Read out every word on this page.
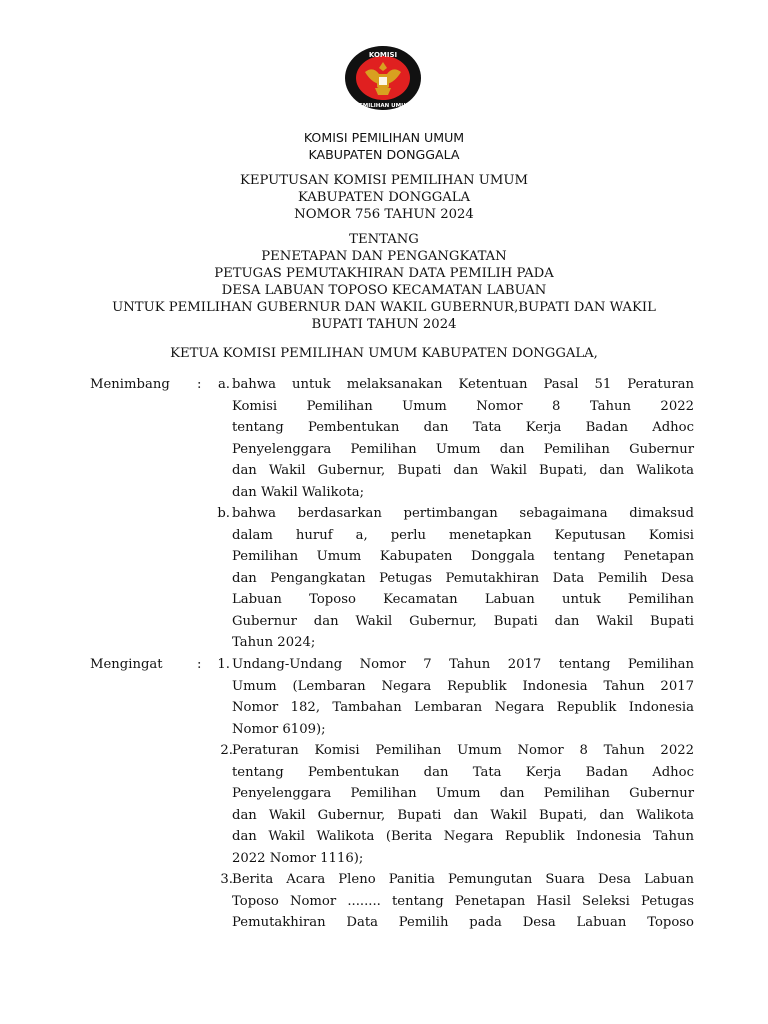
KOMISI
PEMILIHAN UMUM
KOMISI PEMILIHAN UMUM
KABUPATEN DONGGALA
KEPUTUSAN KOMISI PEMILIHAN UMUM
KABUPATEN DONGGALA
NOMOR 756 TAHUN 2024
TENTANG
PENETAPAN DAN PENGANGKATAN
PETUGAS PEMUTAKHIRAN DATA PEMILIH PADA
DESA LABUAN TOPOSO KECAMATAN LABUAN
UNTUK PEMILIHAN GUBERNUR DAN WAKIL GUBERNUR,BUPATI DAN WAKIL
BUPATI TAHUN 2024
KETUA KOMISI PEMILIHAN UMUM KABUPATEN DONGGALA,
Menimbang :	a. bahwa untuk melaksanakan Ketentuan Pasal 51 Peraturan
Komisi Pemilihan Umum Nomor 8 Tahun 2022
tentang Pembentukan dan Tata Kerja Badan Adhoc
Penyelenggara Pemilihan Umum dan Pemilihan Gubernur
dan Wakil Gubernur, Bupati dan Wakil Bupati, dan Walikota
dan Wakil Walikota;
b. bahwa berdasarkan pertimbangan sebagaimana dimaksud
dalam huruf a, perlu menetapkan Keputusan Komisi
Pemilihan Umum Kabupaten Donggala tentang Penetapan
dan Pengangkatan Petugas Pemutakhiran Data Pemilih Desa
Labuan Toposo Kecamatan Labuan untuk Pemilihan
Gubernur dan Wakil Gubernur, Bupati dan Wakil Bupati
Tahun 2024;
Mengingat	:	1. Undang-Undang Nomor 7 Tahun 2017 tentang Pemilihan
Umum (Lembaran Negara Republik Indonesia Tahun 2017
Nomor 182, Tambahan Lembaran Negara Republik Indonesia
Nomor 6109);
2. Peraturan Komisi Pemilihan Umum Nomor 8 Tahun 2022
tentang Pembentukan dan Tata Kerja Badan Adhoc
Penyelenggara Pemilihan Umum dan Pemilihan Gubernur
dan Wakil Gubernur, Bupati dan Wakil Bupati, dan Walikota
dan Wakil Walikota (Berita Negara Republik Indonesia Tahun
2022 Nomor 1116);
3. Berita Acara Pleno Panitia Pemungutan Suara Desa Labuan
Toposo Nomor ........ tentang Penetapan Hasil Seleksi Petugas
Pemutakhiran Data Pemilih pada Desa Labuan Toposo
